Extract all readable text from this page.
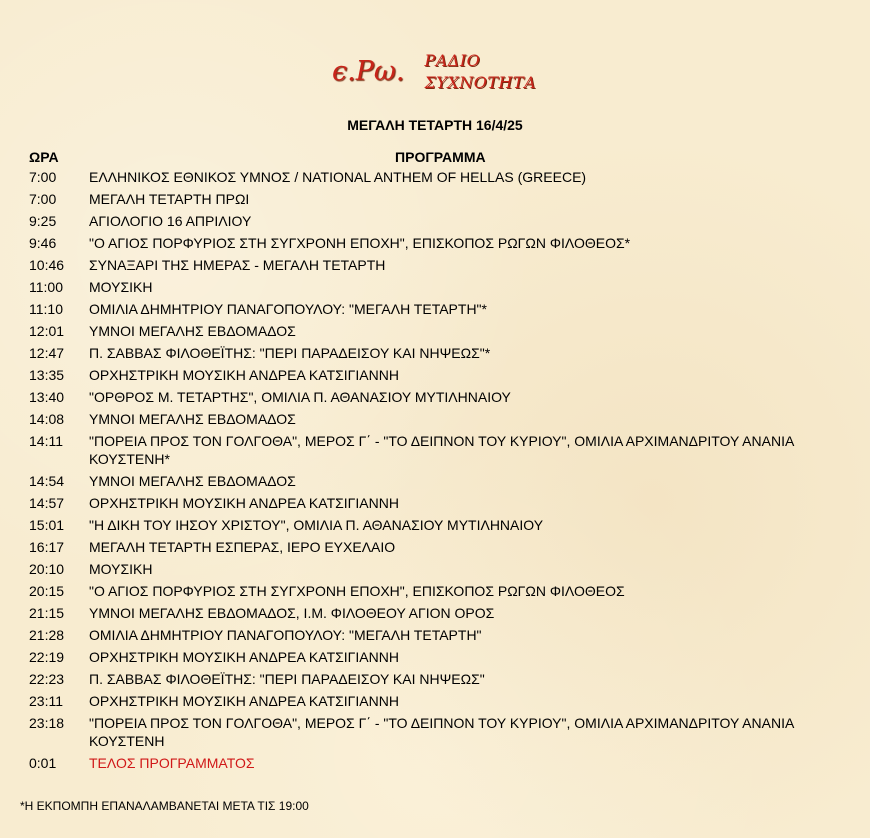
ϵ.Ρω. ΡΑΔΙΟ
ΣΥΧΝΟΤΗΤΑ
ΜΕΓΑΛΗ ΤΕΤΑΡΤΗ 16/4/25
ΩΡΑ	ΠΡΟΓΡΑΜΜΑ
7:00	ΕΛΛΗΝΙΚΟΣ ΕΘΝΙΚΟΣ ΥΜΝΟΣ / NATIONAL ANTHEM OF HELLAS (GREECE)
7:00	ΜΕΓΑΛΗ ΤΕΤΑΡΤΗ ΠΡΩΙ
9:25	ΑΓΙΟΛΟΓΙΟ 16 ΑΠΡΙΛΙΟΥ
9:46	"Ο ΑΓΙΟΣ ΠΟΡΦΥΡΙΟΣ ΣΤΗ ΣΥΓΧΡΟΝΗ ΕΠΟΧΗ", ΕΠΙΣΚΟΠΟΣ ΡΩΓΩΝ ΦΙΛΟΘΕΟΣ*
10:46	ΣΥΝΑΞΑΡΙ ΤΗΣ ΗΜΕΡΑΣ - ΜΕΓΑΛΗ ΤΕΤΑΡΤΗ
11:00	ΜΟΥΣΙΚΗ
11:10	ΟΜΙΛΙΑ ΔΗΜΗΤΡΙΟΥ ΠΑΝΑΓΟΠΟΥΛΟΥ: "ΜΕΓΑΛΗ ΤΕΤΑΡΤΗ"*
12:01	ΥΜΝΟΙ ΜΕΓΑΛΗΣ ΕΒΔΟΜΑΔΟΣ
12:47	Π. ΣΑΒΒΑΣ ΦΙΛΟΘΕΪΤΗΣ: "ΠΕΡΙ ΠΑΡΑΔΕΙΣΟΥ ΚΑΙ ΝΗΨΕΩΣ"*
13:35	ΟΡΧΗΣΤΡΙΚΗ ΜΟΥΣΙΚΗ ΑΝΔΡΕΑ ΚΑΤΣΙΓΙΑΝΝΗ
13:40	"ΟΡΘΡΟΣ Μ. ΤΕΤΑΡΤΗΣ", ΟΜΙΛΙΑ Π. ΑΘΑΝΑΣΙΟΥ ΜΥΤΙΛΗΝΑΙΟΥ
14:08	ΥΜΝΟΙ ΜΕΓΑΛΗΣ ΕΒΔΟΜΑΔΟΣ
14:11	"ΠΟΡΕΙΑ ΠΡΟΣ ΤΟΝ ΓΟΛΓΟΘΑ", ΜΕΡΟΣ Γ΄ - "ΤΟ ΔΕΙΠΝΟΝ ΤΟΥ ΚΥΡΙΟΥ", ΟΜΙΛΙΑ ΑΡΧΙΜΑΝΔΡΙΤΟΥ ΑΝΑΝΙΑ ΚΟΥΣΤΕΝΗ*
14:54	ΥΜΝΟΙ ΜΕΓΑΛΗΣ ΕΒΔΟΜΑΔΟΣ
14:57	ΟΡΧΗΣΤΡΙΚΗ ΜΟΥΣΙΚΗ ΑΝΔΡΕΑ ΚΑΤΣΙΓΙΑΝΝΗ
15:01	"Η ΔΙΚΗ ΤΟΥ ΙΗΣΟΥ ΧΡΙΣΤΟΥ", ΟΜΙΛΙΑ Π. ΑΘΑΝΑΣΙΟΥ ΜΥΤΙΛΗΝΑΙΟΥ
16:17	ΜΕΓΑΛΗ ΤΕΤΑΡΤΗ ΕΣΠΕΡΑΣ, ΙΕΡΟ ΕΥΧΕΛΑΙΟ
20:10	ΜΟΥΣΙΚΗ
20:15	"Ο ΑΓΙΟΣ ΠΟΡΦΥΡΙΟΣ ΣΤΗ ΣΥΓΧΡΟΝΗ ΕΠΟΧΗ", ΕΠΙΣΚΟΠΟΣ ΡΩΓΩΝ ΦΙΛΟΘΕΟΣ
21:15	ΥΜΝΟΙ ΜΕΓΑΛΗΣ ΕΒΔΟΜΑΔΟΣ, Ι.Μ. ΦΙΛΟΘΕΟΥ ΑΓΙΟΝ ΟΡΟΣ
21:28	ΟΜΙΛΙΑ ΔΗΜΗΤΡΙΟΥ ΠΑΝΑΓΟΠΟΥΛΟΥ: "ΜΕΓΑΛΗ ΤΕΤΑΡΤΗ"
22:19	ΟΡΧΗΣΤΡΙΚΗ ΜΟΥΣΙΚΗ ΑΝΔΡΕΑ ΚΑΤΣΙΓΙΑΝΝΗ
22:23	Π. ΣΑΒΒΑΣ ΦΙΛΟΘΕΪΤΗΣ: "ΠΕΡΙ ΠΑΡΑΔΕΙΣΟΥ ΚΑΙ ΝΗΨΕΩΣ"
23:11	ΟΡΧΗΣΤΡΙΚΗ ΜΟΥΣΙΚΗ ΑΝΔΡΕΑ ΚΑΤΣΙΓΙΑΝΝΗ
23:18	"ΠΟΡΕΙΑ ΠΡΟΣ ΤΟΝ ΓΟΛΓΟΘΑ", ΜΕΡΟΣ Γ΄ - "ΤΟ ΔΕΙΠΝΟΝ ΤΟΥ ΚΥΡΙΟΥ", ΟΜΙΛΙΑ ΑΡΧΙΜΑΝΔΡΙΤΟΥ ΑΝΑΝΙΑ ΚΟΥΣΤΕΝΗ
0:01	ΤΕΛΟΣ ΠΡΟΓΡΑΜΜΑΤΟΣ
*Η ΕΚΠΟΜΠΗ ΕΠΑΝΑΛΑΜΒΑΝΕΤΑΙ ΜΕΤΑ ΤΙΣ 19:00
